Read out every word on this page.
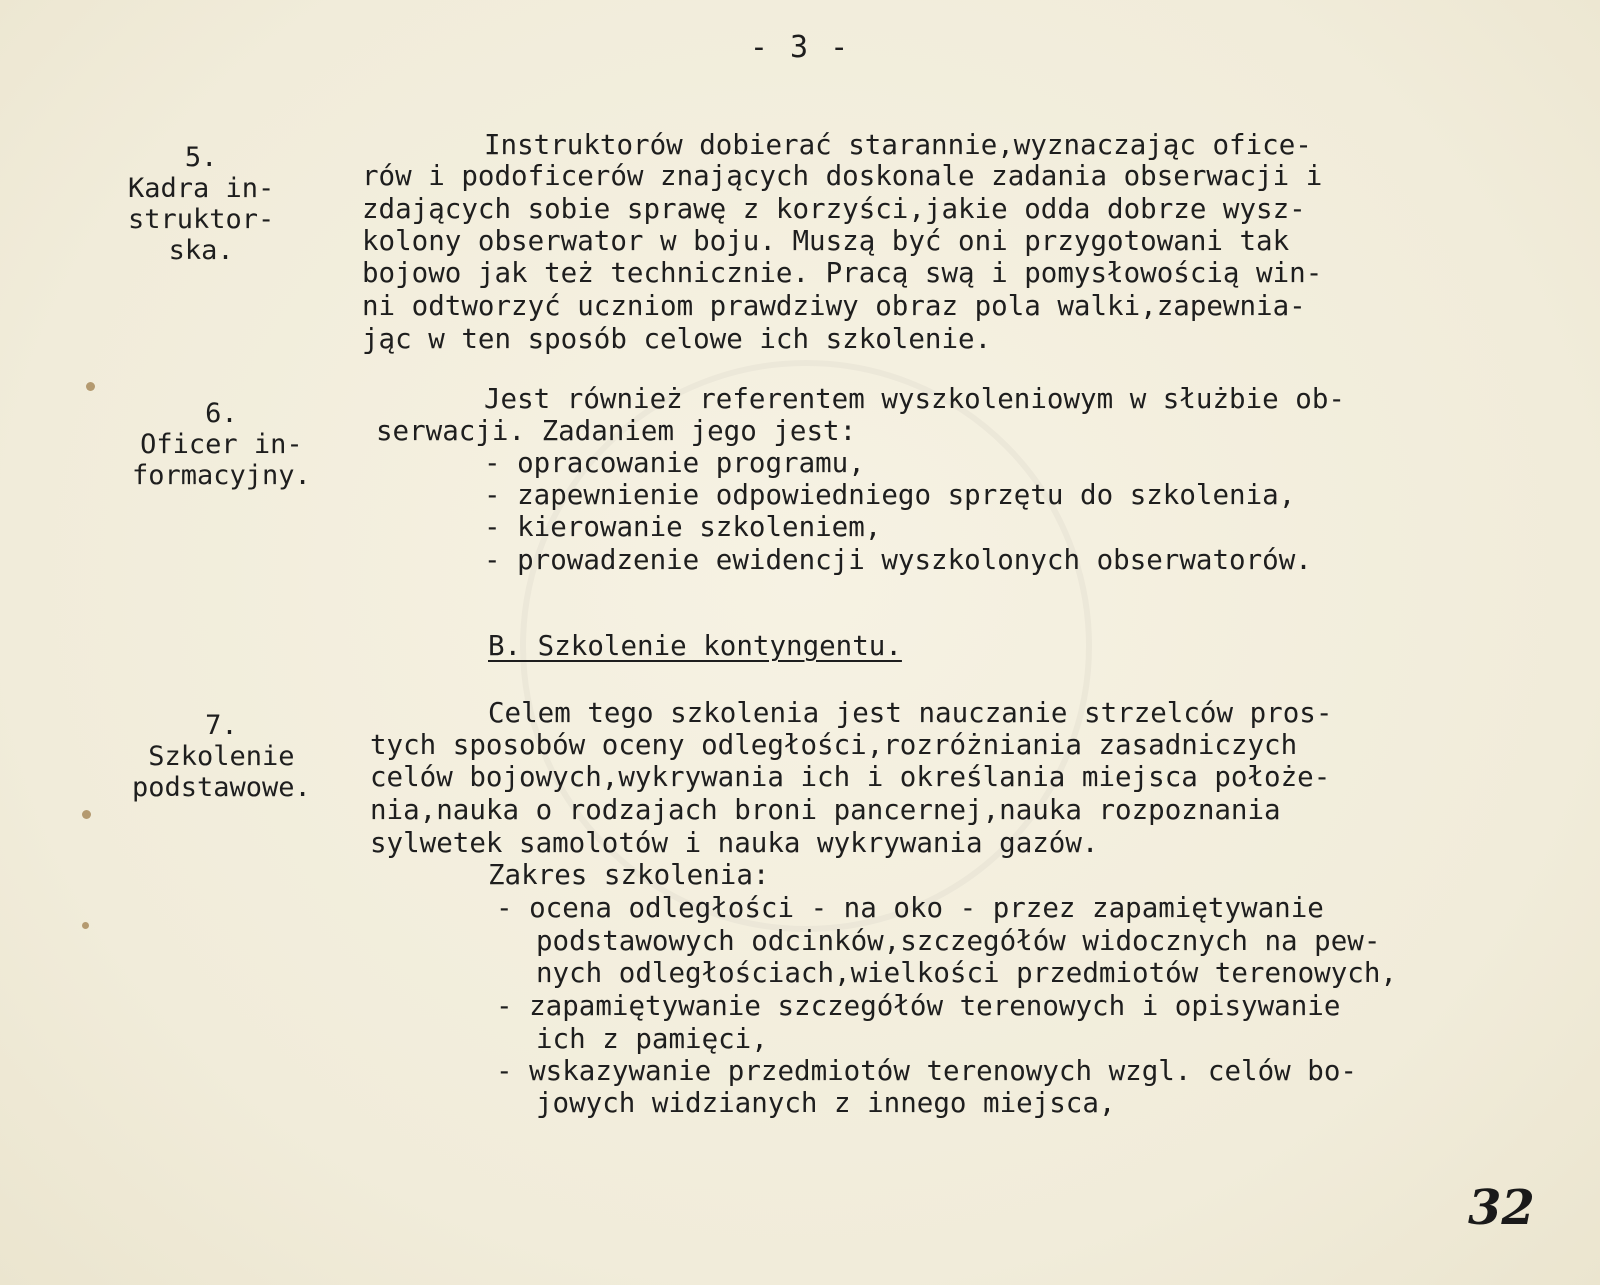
- 3 -
5.
Kadra in-
struktor-
ska.
Instruktorów dobierać starannie,wyznaczając ofice-
rów i podoficerów znających doskonale zadania obserwacji i
zdających sobie sprawę z korzyści,jakie odda dobrze wysz-
kolony obserwator w boju. Muszą być oni przygotowani tak
bojowo jak też technicznie. Pracą swą i pomysłowością win-
ni odtworzyć uczniom prawdziwy obraz pola walki,zapewnia-
jąc w ten sposób celowe ich szkolenie.
6.
Oficer in-
formacyjny.
Jest również referentem wyszkoleniowym w służbie ob-
serwacji. Zadaniem jego jest:
- opracowanie programu,
- zapewnienie odpowiedniego sprzętu do szkolenia,
- kierowanie szkoleniem,
- prowadzenie ewidencji wyszkolonych obserwatorów.
B. Szkolenie kontyngentu.
7.
Szkolenie
podstawowe.
Celem tego szkolenia jest nauczanie strzelców pros-
tych sposobów oceny odległości,rozróżniania zasadniczych
celów bojowych,wykrywania ich i określania miejsca położe-
nia,nauka o rodzajach broni pancernej,nauka rozpoznania
sylwetek samolotów i nauka wykrywania gazów.
Zakres szkolenia:
- ocena odległości - na oko - przez zapamiętywanie
podstawowych odcinków,szczegółów widocznych na pew-
nych odległościach,wielkości przedmiotów terenowych,
- zapamiętywanie szczegółów terenowych i opisywanie
ich z pamięci,
- wskazywanie przedmiotów terenowych wzgl. celów bo-
jowych widzianych z innego miejsca,
32
